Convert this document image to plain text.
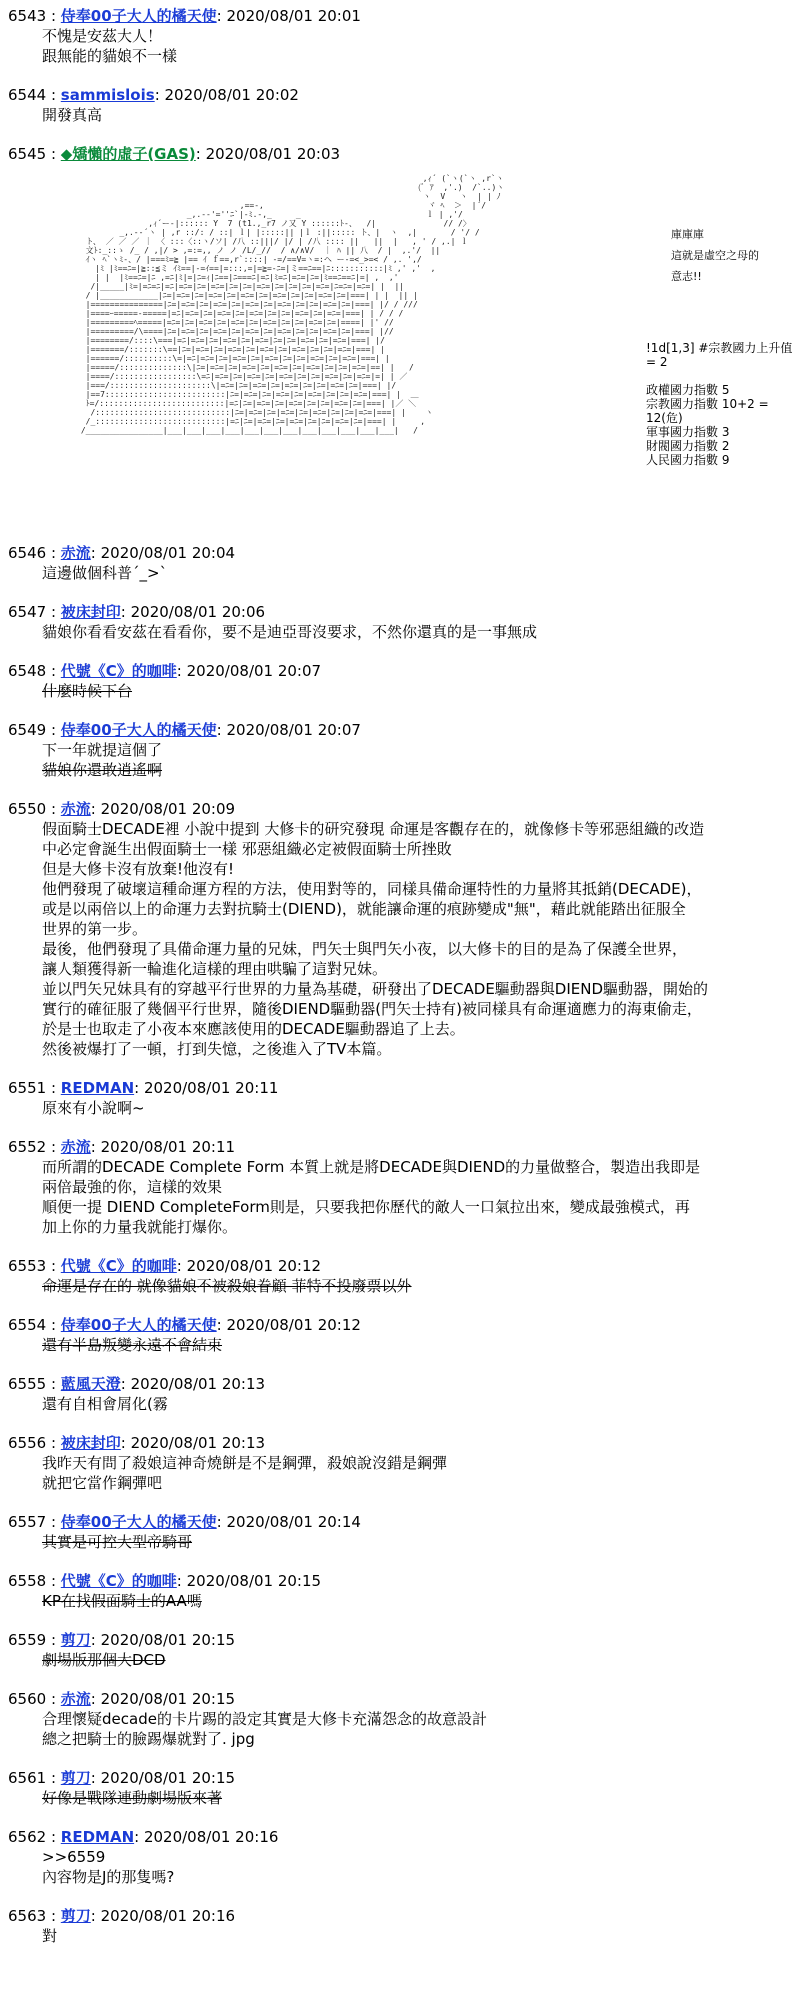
6543 : 侍奉00子大人的橘天使: 2020/08/01 20:01
不愧是安茲大人！
跟無能的貓娘不一樣
6544 : sammislois: 2020/08/01 20:02
開發真高
6545 : ◆矯懶的虛子(GAS): 2020/08/01 20:03
,ｨ´ (`ヽ(`ヽ ,r`ヽ
(ﾞ ｱ  ,'.)  /`..)ヽ
ヽ  V   ヽ  | | ﾉ
,==-,                                  ヾ ﾍ  ＞  |´/
_,.--'=''ﾆ`|-ﾐ.-,_     _                          ｌ | ,'/
,ｨ´ー‐|:::::: Y  7 (t1.,_r7 ノ又 Y ::::::ﾄ‐、  /|              // /〉
_,.-‐´ヽ | ,r ::/: / ::| ｌ| |:::::|| |ｌ :||::::: ト、|  ヽ  ,|       / '/ /
ト、 ／ ／ ／ ｜ 〈 :::〈::ヽ/ソ| /八 ::|||/ |/ | /八 :::: ||   ||  |   , ' / ,.| ｌ
文ﾄ:_::ゝ /_ / ,|/ > ,=:=,, ノ ノ /L/_//  / ∧/∧V/  ｜ ﾊ || 八  / |  ,.'/  ||
ｲヽ ﾍ`ヽﾐ-、/ |===ﾐ=≧ |== ｲ ｆ==,r`::::| -=/==V=ヽ=:ヘ ー-=<_>=< / ,. ',/
|ﾐ |ﾐ==ﾆ=|≧::≦ミ ｲﾐ==|-=ｲ==|=:::,=|=≧=-ﾆ=|ミ==ﾆ==|ﾆ:::::::::::|ﾐ ,' ,'  ,
| |  |ﾐ==ﾆ=|ﾆ ,=ﾆ|ﾐ|=|ﾆ=ｨ|ﾆ==|ﾆ===ﾆ|=ﾆ|ﾐ=ﾆ|=ﾆ=|ﾆ=|ﾐ==ﾆ==ﾆ|=| ,  ,'
/|_____|ﾐ=|=ﾆ=ﾆ|=ﾆ|=ﾆ=|ﾆ=|=ﾆ=|ﾆ=|ﾆ=|=ﾆ=|ﾆ=|ﾆ=|ﾆ=|=ﾆ=|ﾆ=ﾆ=|=ﾆ=| |  ||
/ |____________|ﾆ=|=ﾆ=|ﾆ=|=ﾆ=|ﾆ=|=ﾆ=|ﾆ=|=ﾆ=|ﾆ=|ﾆ=|=ﾆ=|ﾆ=|===| | |  || |
|===============|ﾆ=|=ﾆ=|ﾆ=|=ﾆ=|ﾆ=|=ﾆ=|ﾆ=|=ﾆ=|ﾆ=|ﾆ=|=ﾆ=|ﾆ=|===| |/ / ///
|====ｰ=====-=====|=ﾆ|=ﾆ=|ﾆ=|=ﾆ=|ﾆ=|=ﾆ=|ﾆ=|ﾆ=|=ﾆ=|ﾆ=|=ﾆ=|===| | / / /
|=========ﾍ=====|=ﾆ=|ﾆ=|=ﾆ=|ﾆ=|=ﾆ=|ﾆ=|=ﾆ=|ﾆ=|ﾆ=|=ﾆ=|ﾆ=|====| |' //
|=========/\====|ﾆ=|=ﾆ=|ﾆ=|=ﾆ=|ﾆ=|=ﾆ=|ﾆ=|=ﾆ=|ﾆ=|ﾆ=|=ﾆ=|ﾆ=|===| |//
|========/::::\===|=ﾆ|=ﾆ=|ﾆ=|=ﾆ=|ﾆ=|=ﾆ=|ﾆ=|ﾆ=|=ﾆ=|ﾆ=|=ﾆ=|===| |/
|=======/:::::::\==|ﾆ=|=ﾆ=|ﾆ=|=ﾆ=|ﾆ=|=ﾆ=|ﾆ=|=ﾆ=|ﾆ=|ﾆ=|=ﾆ=|===| |
|======/::::::::::\=|=ﾆ|=ﾆ=|ﾆ=|=ﾆ=|ﾆ=|=ﾆ=|ﾆ=|ﾆ=|=ﾆ=|ﾆ=|=ﾆ=|===| |
|=====/::::::::::::::\|ﾆ=|=ﾆ=|ﾆ=|=ﾆ=|ﾆ=|=ﾆ=|ﾆ=|=ﾆ=|ﾆ=|ﾆ=|=ﾆ=|==| |   /
|====/:::::::::::::::::\=ﾆ|=ﾆ=|ﾆ=|=ﾆ=|ﾆ=|=ﾆ=|ﾆ=|ﾆ=|=ﾆ=|ﾆ=|=ﾆ=|=| | ／
|===/:::::::::::::::::::::\|=ﾆ=|ﾆ=|=ﾆ=|ﾆ=|=ﾆ=|ﾆ=|ﾆ=|=ﾆ=|ﾆ=|===| |/
|==7:::::::::::::::::::::::::|ﾆ=|=ﾆ=|ﾆ=|=ﾆ=|ﾆ=|=ﾆ=|ﾆ=|ﾆ=|=ﾆ=|===| |  ＿
ﾄ=/::::::::::::::::::::::::::|=ﾆ|ﾆ=|=ﾆ=|ﾆ=|=ﾆ=|ﾆ=|ﾆ=|=ﾆ=|ﾆ=|===| |／ ＼
/::::::::::::::::::::::::::::|ﾆ=|=ﾆ=|ﾆ=|=ﾆ=|ﾆ=|=ﾆ=|ﾆ=|ﾆ=|=ﾆ=|===| |    ヽ
/_:::::::::::::::::::::::::::|=ﾆ|ﾆ=|=ﾆ=|ﾆ=|=ﾆ=|ﾆ=|ﾆ=|=ﾆ=|ﾆ=|===| |     ,
/________________|___|___|___|___|___|___|___|___|___|___|___|___|   /
庫庫庫
這就是虛空之母的
意志!!
!1d[1,3] #宗教國力上升值= 2
政權國力指數 5
宗教國力指數 10+2 = 12(危)
軍事國力指數 3
財閥國力指數 2
人民國力指數 9
6546 : 赤流: 2020/08/01 20:04
這邊做個科普´_>`
6547 : 被床封印: 2020/08/01 20:06
貓娘你看看安茲在看看你，要不是迪亞哥沒要求，不然你還真的是一事無成
6548 : 代號《C》的咖啡: 2020/08/01 20:07
什麼時候下台
6549 : 侍奉00子大人的橘天使: 2020/08/01 20:07
下一年就提這個了
貓娘你還敢逍遙啊
6550 : 赤流: 2020/08/01 20:09
假面騎士DECADE裡 小說中提到 大修卡的研究發現 命運是客觀存在的，就像修卡等邪惡組織的改造
中必定會誕生出假面騎士一樣 邪惡組織必定被假面騎士所挫敗
但是大修卡沒有放棄!他沒有!
他們發現了破壞這種命運方程的方法，使用對等的，同樣具備命運特性的力量將其抵銷(DECADE)，
或是以兩倍以上的命運力去對抗騎士(DIEND)，就能讓命運的痕跡變成"無"，藉此就能踏出征服全
世界的第一步。
最後，他們發現了具備命運力量的兄妹，門矢士與門矢小夜，以大修卡的目的是為了保護全世界，
讓人類獲得新一輪進化這樣的理由哄騙了這對兄妹。
並以門矢兄妹具有的穿越平行世界的力量為基礎，研發出了DECADE驅動器與DIEND驅動器，開始的
實行的確征服了幾個平行世界，隨後DIEND驅動器(門矢士持有)被同樣具有命運適應力的海東偷走，
於是士也取走了小夜本來應該使用的DECADE驅動器追了上去。
然後被爆打了一頓，打到失憶，之後進入了TV本篇。
6551 : REDMAN: 2020/08/01 20:11
原來有小說啊~
6552 : 赤流: 2020/08/01 20:11
而所謂的DECADE Complete Form 本質上就是將DECADE與DIEND的力量做整合，製造出我即是
兩倍最強的你，這樣的效果
順便一提 DIEND CompleteForm則是，只要我把你歷代的敵人一口氣拉出來，變成最強模式，再
加上你的力量我就能打爆你。
6553 : 代號《C》的咖啡: 2020/08/01 20:12
命運是存在的 就像貓娘不被殺娘眷顧 菲特不投廢票以外
6554 : 侍奉00子大人的橘天使: 2020/08/01 20:12
還有半島叛變永遠不會結束
6555 : 藍風天澄: 2020/08/01 20:13
還有自相會屑化(霧
6556 : 被床封印: 2020/08/01 20:13
我昨天有問了殺娘這神奇燒餅是不是鋼彈，殺娘說沒錯是鋼彈
就把它當作鋼彈吧
6557 : 侍奉00子大人的橘天使: 2020/08/01 20:14
其實是可控大型帝騎哥
6558 : 代號《C》的咖啡: 2020/08/01 20:15
KP在找假面騎士的AA嗎
6559 : 剪刀: 2020/08/01 20:15
劇場版那個大DCD
6560 : 赤流: 2020/08/01 20:15
合理懷疑decade的卡片踢的設定其實是大修卡充滿怨念的故意設計
總之把騎士的臉踢爆就對了. jpg
6561 : 剪刀: 2020/08/01 20:15
好像是戰隊連動劇場版來著
6562 : REDMAN: 2020/08/01 20:16
>>6559
內容物是J的那隻嗎?
6563 : 剪刀: 2020/08/01 20:16
對
